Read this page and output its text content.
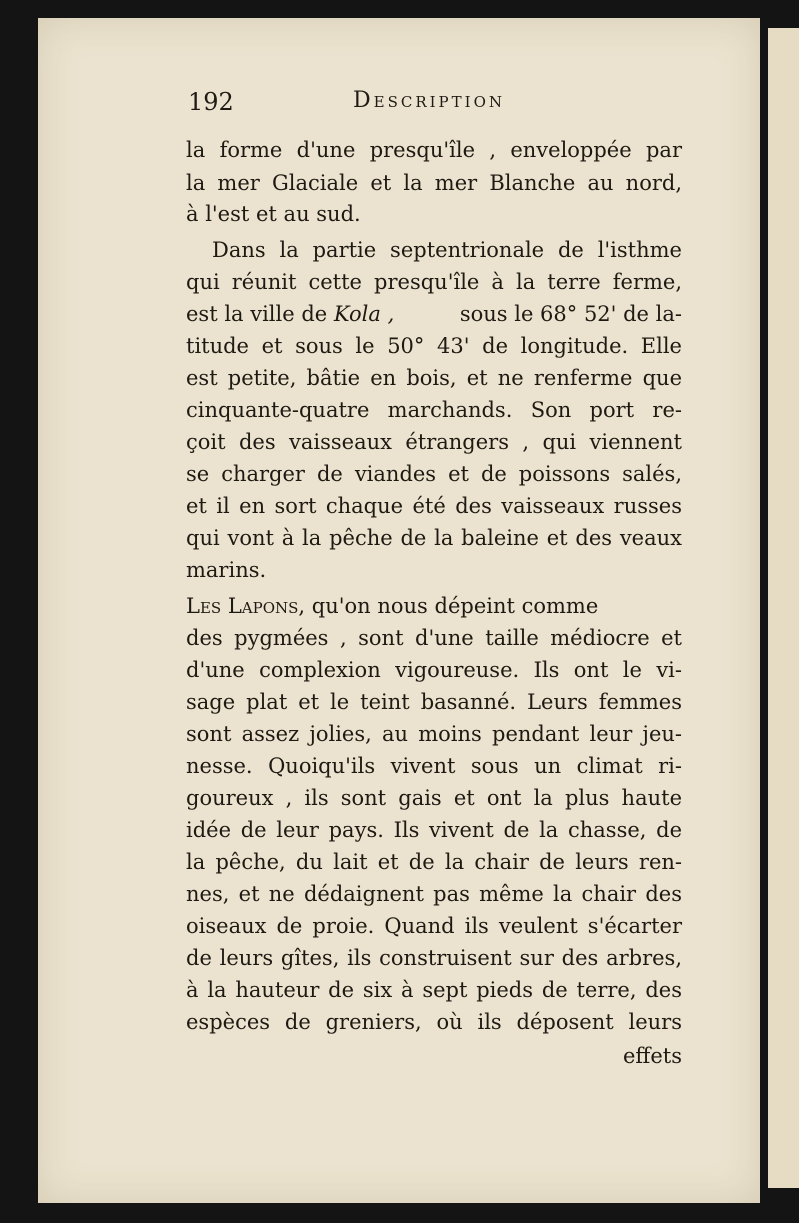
192	Description
la forme d'une presqu'île , enveloppée par
la mer Glaciale et la mer Blanche au nord,
à l'est et au sud.
Dans la partie septentrionale de l'isthme
qui réunit cette presqu'île à la terre ferme,
est la ville de Kola ,	sous le 68° 52' de la-
titude et sous le 50° 43' de longitude. Elle
est petite, bâtie en bois, et ne renferme que
cinquante-quatre marchands. Son port re-
çoit des vaisseaux étrangers , qui viennent
se charger de viandes et de poissons salés,
et il en sort chaque été des vaisseaux russes
qui vont à la pêche de la baleine et des veaux
marins.
Les Lapons, qu'on nous dépeint comme
des pygmées , sont d'une taille médiocre et
d'une complexion vigoureuse. Ils ont le vi-
sage plat et le teint basanné. Leurs femmes
sont assez jolies, au moins pendant leur jeu-
nesse. Quoiqu'ils vivent sous un climat ri-
goureux , ils sont gais et ont la plus haute
idée de leur pays. Ils vivent de la chasse, de
la pêche, du lait et de la chair de leurs ren-
nes, et ne dédaignent pas même la chair des
oiseaux de proie. Quand ils veulent s'écarter
de leurs gîtes, ils construisent sur des arbres,
à la hauteur de six à sept pieds de terre, des
espèces de greniers, où ils déposent leurs
effets
